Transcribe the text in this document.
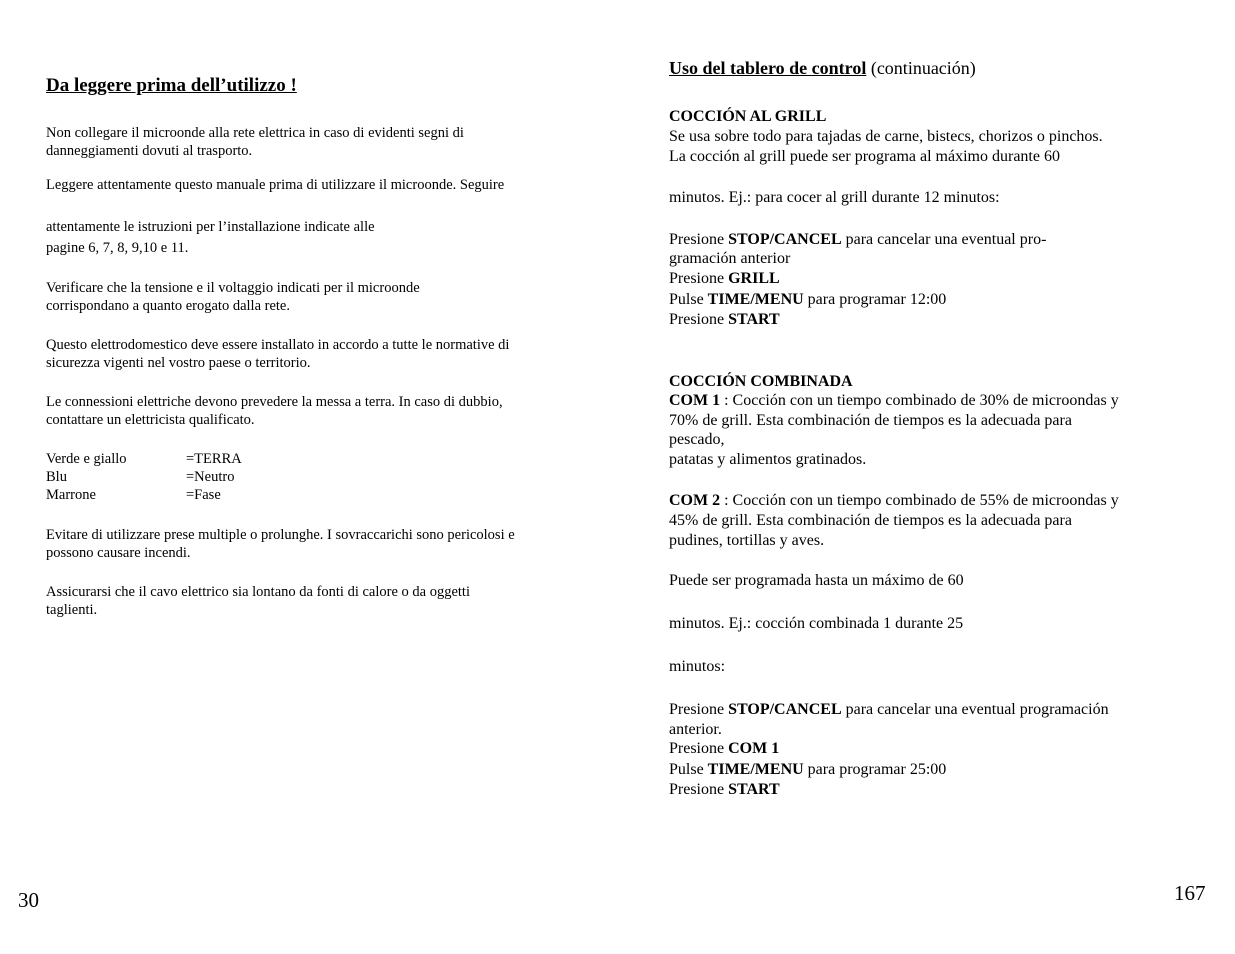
Da leggere prima dell’utilizzo !
Non collegare il microonde alla rete elettrica in caso di evidenti segni di
danneggiamenti dovuti al trasporto.
Leggere attentamente questo manuale prima di utilizzare il microonde. Seguire
attentamente le istruzioni per l’installazione indicate alle
pagine 6, 7, 8, 9,10 e 11.
Verificare che la tensione e il voltaggio indicati per il microonde
corrispondano a quanto erogato dalla rete.
Questo elettrodomestico deve essere installato in accordo a tutte le normative di
sicurezza vigenti nel vostro paese o territorio.
Le connessioni elettriche devono prevedere la messa a terra. In caso di dubbio,
contattare un elettricista qualificato.
Verde e giallo	=TERRA
Blu	=Neutro
Marrone	=Fase
Evitare di utilizzare prese multiple o prolunghe. I sovraccarichi sono pericolosi e
possono causare incendi.
Assicurarsi che il cavo elettrico sia lontano da fonti di calore o da oggetti
taglienti.
30
Uso del tablero de control (continuación)
COCCIÓN AL GRILL
Se usa sobre todo para tajadas de carne, bistecs, chorizos o pinchos.
La cocción al grill puede ser programa al máximo durante 60
minutos. Ej.: para cocer al grill durante 12 minutos:
Presione STOP/CANCEL para cancelar una eventual pro-
gramación anterior
Presione GRILL
Pulse TIME/MENU para programar 12:00
Presione START
COCCIÓN COMBINADA
COM 1 : Cocción con un tiempo combinado de 30% de microondas y
70% de grill. Esta combinación de tiempos es la adecuada para
pescado,
patatas y alimentos gratinados.
COM 2 : Cocción con un tiempo combinado de 55% de microondas y
45% de grill. Esta combinación de tiempos es la adecuada para
pudines, tortillas y aves.
Puede ser programada hasta un máximo de 60
minutos. Ej.: cocción combinada 1 durante 25
minutos:
Presione STOP/CANCEL para cancelar una eventual programación
anterior.
Presione COM 1
Pulse TIME/MENU para programar 25:00
Presione START
167
